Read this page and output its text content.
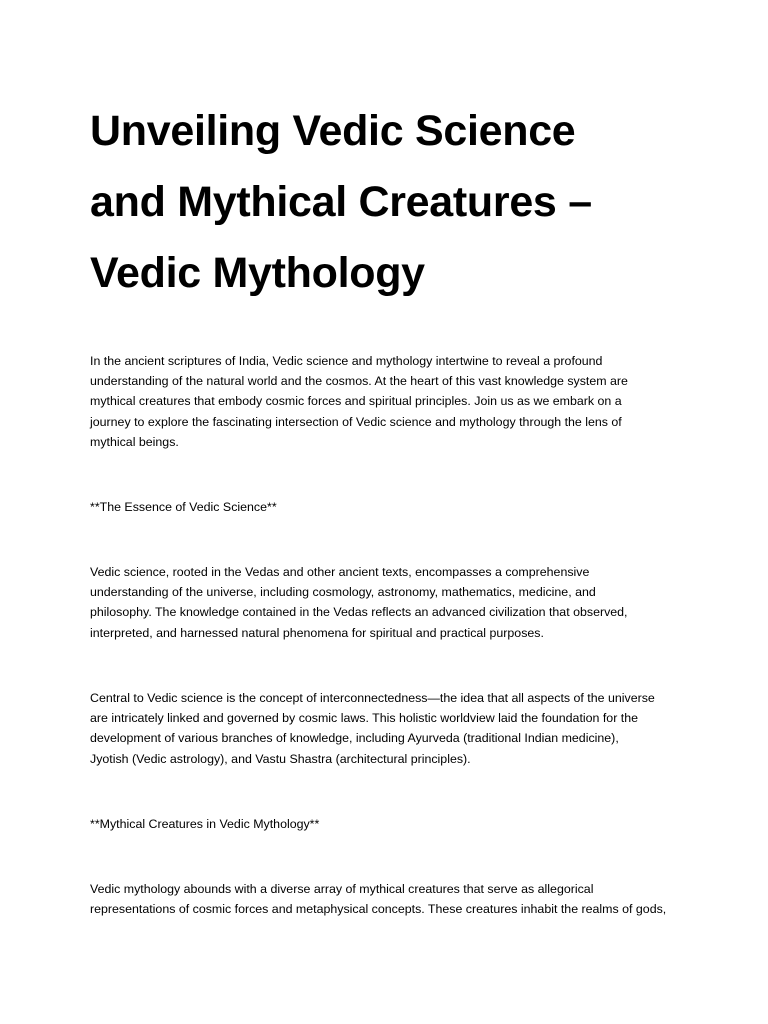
Unveiling Vedic Science
and Mythical Creatures –
Vedic Mythology

In the ancient scriptures of India, Vedic science and mythology intertwine to reveal a profound
understanding of the natural world and the cosmos. At the heart of this vast knowledge system are
mythical creatures that embody cosmic forces and spiritual principles. Join us as we embark on a
journey to explore the fascinating intersection of Vedic science and mythology through the lens of
mythical beings.

**The Essence of Vedic Science**

Vedic science, rooted in the Vedas and other ancient texts, encompasses a comprehensive
understanding of the universe, including cosmology, astronomy, mathematics, medicine, and
philosophy. The knowledge contained in the Vedas reflects an advanced civilization that observed,
interpreted, and harnessed natural phenomena for spiritual and practical purposes.

Central to Vedic science is the concept of interconnectedness—the idea that all aspects of the universe
are intricately linked and governed by cosmic laws. This holistic worldview laid the foundation for the
development of various branches of knowledge, including Ayurveda (traditional Indian medicine),
Jyotish (Vedic astrology), and Vastu Shastra (architectural principles).

**Mythical Creatures in Vedic Mythology**

Vedic mythology abounds with a diverse array of mythical creatures that serve as allegorical
representations of cosmic forces and metaphysical concepts. These creatures inhabit the realms of gods,
